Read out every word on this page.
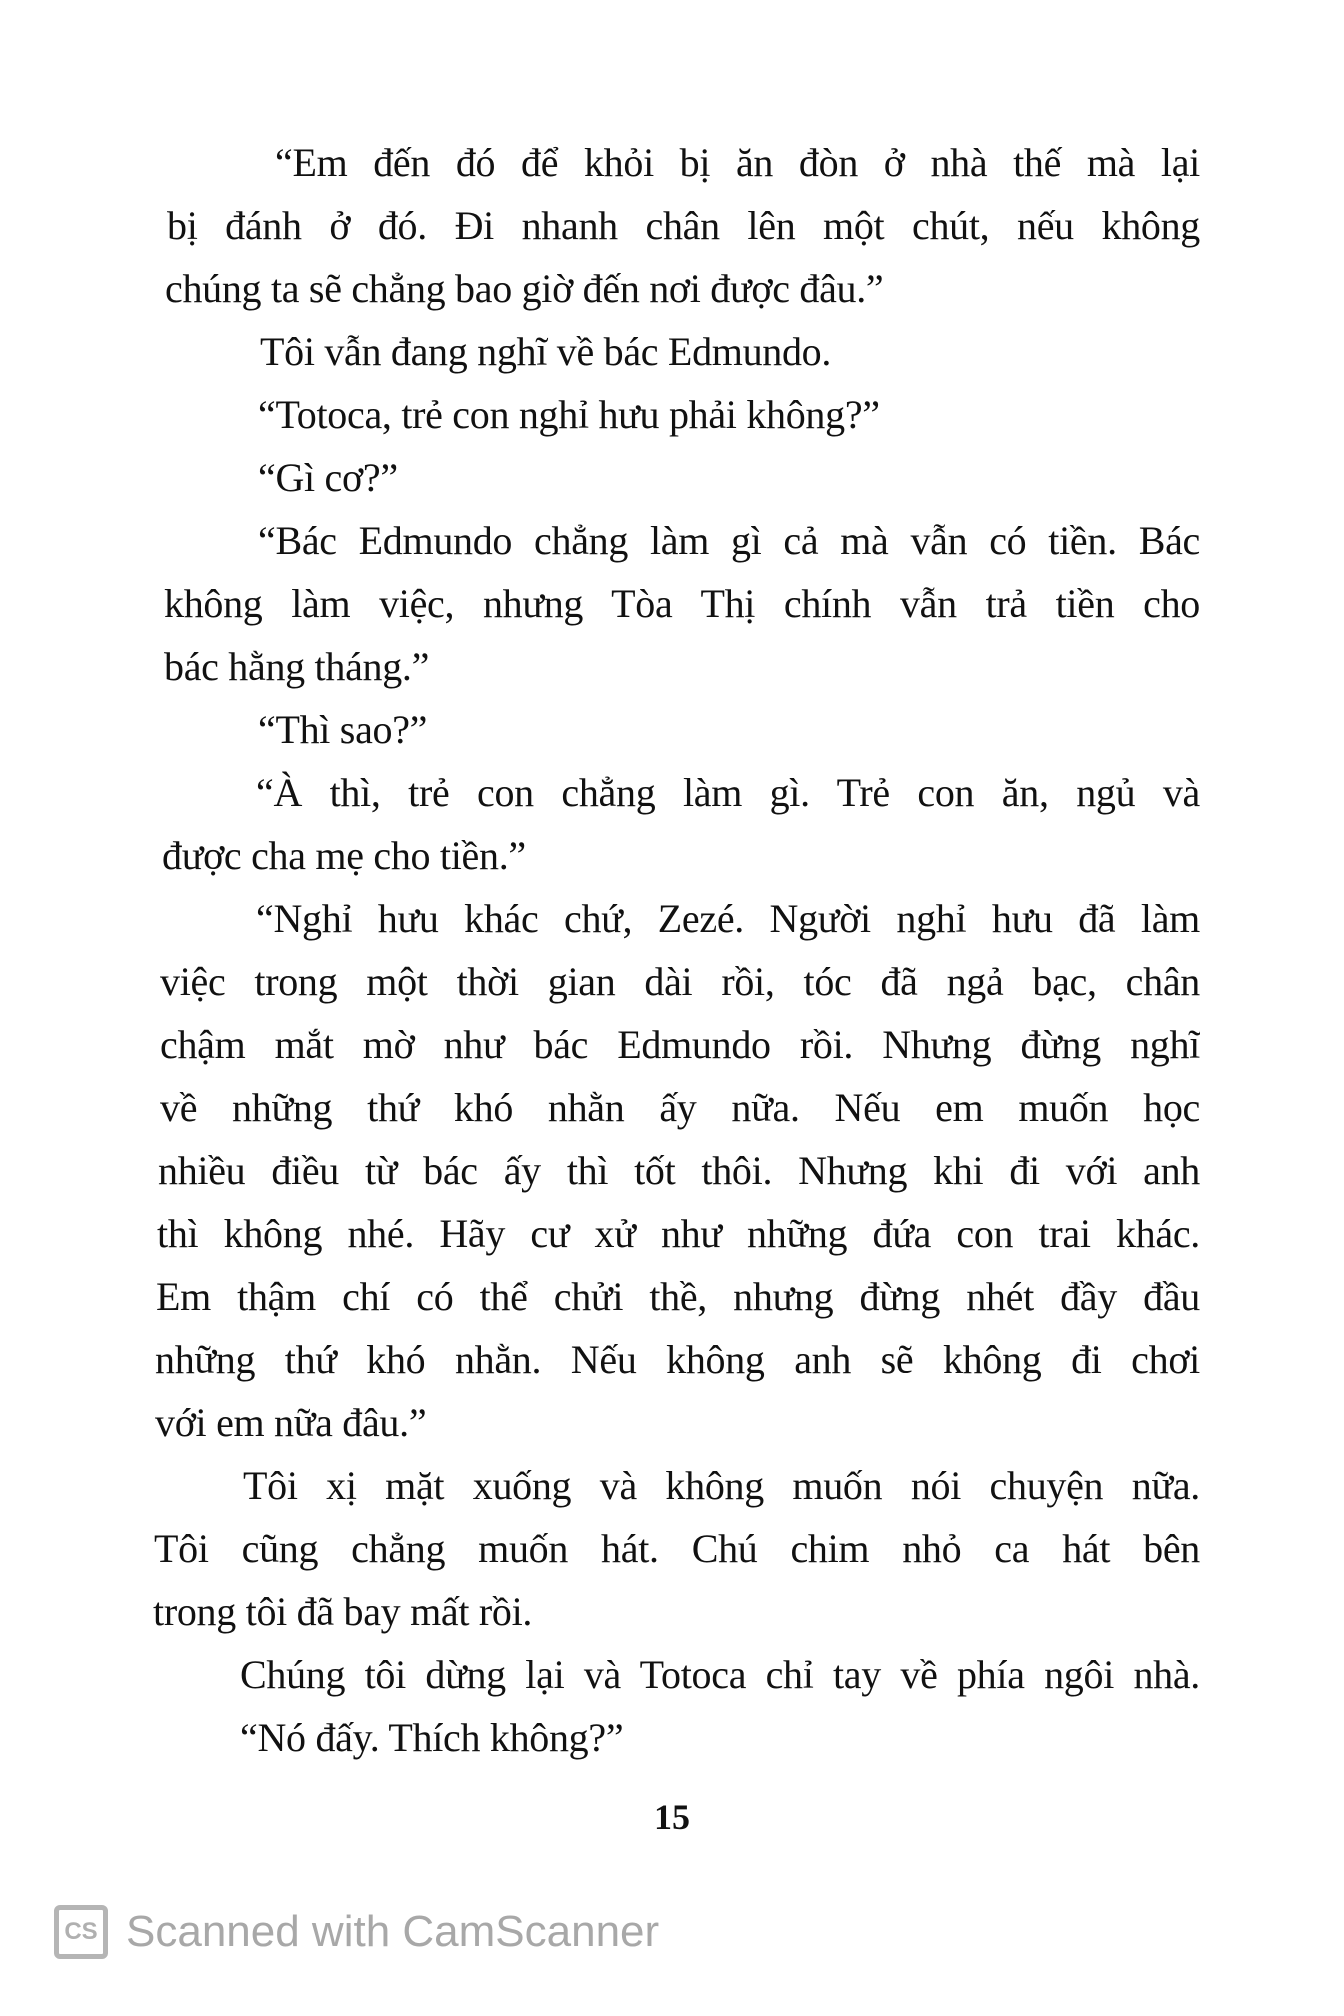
“Em đến đó để khỏi bị ăn đòn ở nhà thế mà lại
bị đánh ở đó. Đi nhanh chân lên một chút, nếu không
chúng ta sẽ chẳng bao giờ đến nơi được đâu.”
Tôi vẫn đang nghĩ về bác Edmundo.
“Totoca, trẻ con nghỉ hưu phải không?”
“Gì cơ?”
“Bác Edmundo chẳng làm gì cả mà vẫn có tiền. Bác
không làm việc, nhưng Tòa Thị chính vẫn trả tiền cho
bác hằng tháng.”
“Thì sao?”
“À thì, trẻ con chẳng làm gì. Trẻ con ăn, ngủ và
được cha mẹ cho tiền.”
“Nghỉ hưu khác chứ, Zezé. Người nghỉ hưu đã làm
việc trong một thời gian dài rồi, tóc đã ngả bạc, chân
chậm mắt mờ như bác Edmundo rồi. Nhưng đừng nghĩ
về những thứ khó nhằn ấy nữa. Nếu em muốn học
nhiều điều từ bác ấy thì tốt thôi. Nhưng khi đi với anh
thì không nhé. Hãy cư xử như những đứa con trai khác.
Em thậm chí có thể chửi thề, nhưng đừng nhét đầy đầu
những thứ khó nhằn. Nếu không anh sẽ không đi chơi
với em nữa đâu.”
Tôi xị mặt xuống và không muốn nói chuyện nữa.
Tôi cũng chẳng muốn hát. Chú chim nhỏ ca hát bên
trong tôi đã bay mất rồi.
Chúng tôi dừng lại và Totoca chỉ tay về phía ngôi nhà.
“Nó đấy. Thích không?”
15
CS Scanned with CamScanner
